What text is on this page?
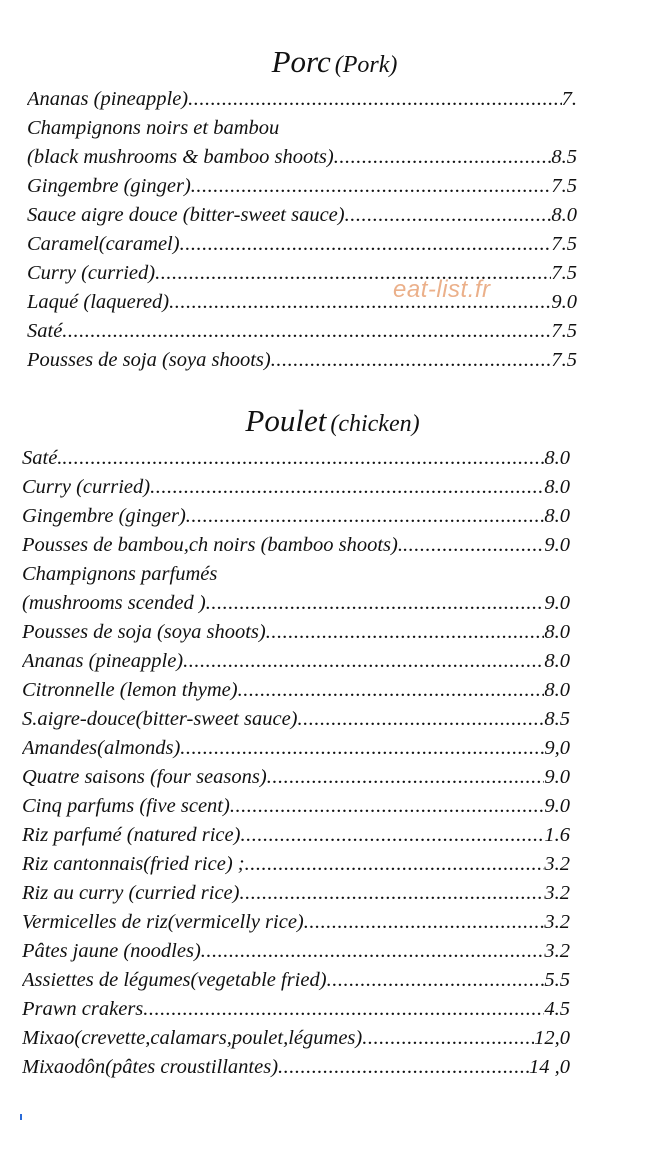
Porc (Pork)
Ananas (pineapple) .....	7.
Champignons noirs et bambou
(black mushrooms & bamboo shoots) .....	8.5
Gingembre (ginger) .....	7.5
Sauce aigre douce (bitter-sweet sauce) .....	8.0
Caramel(caramel) .....	7.5
Curry (curried) .....	7.5
Laqué (laquered) .....	9.0
Saté .....	7.5
Pousses de soja (soya shoots) .....	7.5
Poulet (chicken)
Saté. .....	8.0
Curry (curried) .....	8.0
Gingembre (ginger) .....	8.0
Pousses de bambou,ch noirs (bamboo shoots). .....	9.0
Champignons parfumés
(mushrooms scended ) .....	9.0
Pousses de soja (soya shoots) .....	8.0
Ananas (pineapple) .....	8.0
Citronnelle (lemon thyme) .....	8.0
S.aigre-douce(bitter-sweet sauce) .....	8.5
Amandes(almonds) .....	9,0
Quatre saisons (four seasons) .....	9.0
Cinq parfums (five scent) .....	9.0
Riz parfumé (natured rice) .....	1.6
Riz cantonnais(fried rice) ; .....	3.2
Riz au curry (curried rice) .....	3.2
Vermicelles de riz(vermicelly rice) .....	3.2
Pâtes jaune (noodles) .....	3.2
Assiettes de légumes(vegetable fried) .....	5.5
Prawn crakers .....	4.5
Mixao(crevette,calamars,poulet,légumes) .....	12,0
Mixaodôn(pâtes croustillantes) .....	14 ,0
eat-list.fr
